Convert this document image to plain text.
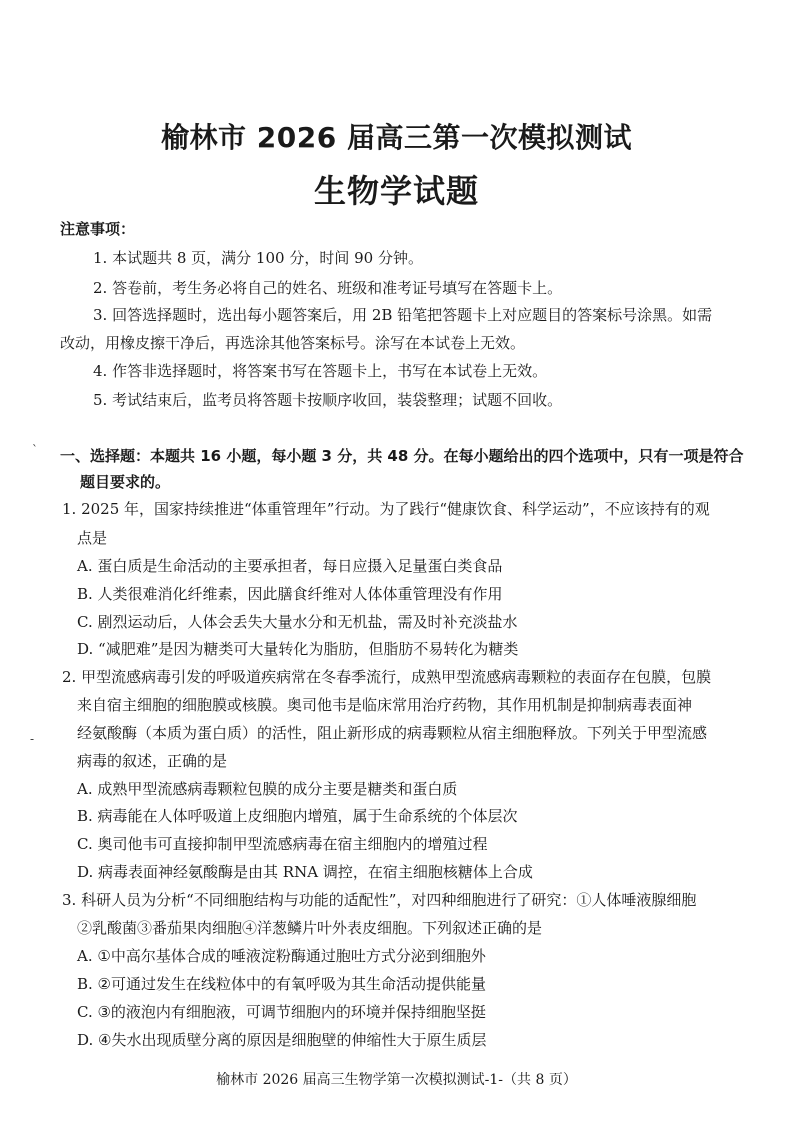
榆林市 2026 届高三第一次模拟测试
生物学试题
注意事项：
1. 本试题共 8 页，满分 100 分，时间 90 分钟。
2. 答卷前，考生务必将自己的姓名、班级和准考证号填写在答题卡上。
3. 回答选择题时，选出每小题答案后，用 2B 铅笔把答题卡上对应题目的答案标号涂黑。如需
改动，用橡皮擦干净后，再选涂其他答案标号。涂写在本试卷上无效。
4. 作答非选择题时，将答案书写在答题卡上，书写在本试卷上无效。
5. 考试结束后，监考员将答题卡按顺序收回，装袋整理；试题不回收。
一、选择题：本题共 16 小题，每小题 3 分，共 48 分。在每小题给出的四个选项中，只有一项是符合
题目要求的。
1. 2025 年，国家持续推进“体重管理年”行动。为了践行“健康饮食、科学运动”，不应该持有的观
点是
A. 蛋白质是生命活动的主要承担者，每日应摄入足量蛋白类食品
B. 人类很难消化纤维素，因此膳食纤维对人体体重管理没有作用
C. 剧烈运动后，人体会丢失大量水分和无机盐，需及时补充淡盐水
D. “减肥难”是因为糖类可大量转化为脂肪，但脂肪不易转化为糖类
2. 甲型流感病毒引发的呼吸道疾病常在冬春季流行，成熟甲型流感病毒颗粒的表面存在包膜，包膜
来自宿主细胞的细胞膜或核膜。奥司他韦是临床常用治疗药物，其作用机制是抑制病毒表面神
经氨酸酶（本质为蛋白质）的活性，阻止新形成的病毒颗粒从宿主细胞释放。下列关于甲型流感
病毒的叙述，正确的是
A. 成熟甲型流感病毒颗粒包膜的成分主要是糖类和蛋白质
B. 病毒能在人体呼吸道上皮细胞内增殖，属于生命系统的个体层次
C. 奥司他韦可直接抑制甲型流感病毒在宿主细胞内的增殖过程
D. 病毒表面神经氨酸酶是由其 RNA 调控，在宿主细胞核糖体上合成
3. 科研人员为分析“不同细胞结构与功能的适配性”，对四种细胞进行了研究：①人体唾液腺细胞
②乳酸菌③番茄果肉细胞④洋葱鳞片叶外表皮细胞。下列叙述正确的是
A. ①中高尔基体合成的唾液淀粉酶通过胞吐方式分泌到细胞外
B. ②可通过发生在线粒体中的有氧呼吸为其生命活动提供能量
C. ③的液泡内有细胞液，可调节细胞内的环境并保持细胞坚挺
D. ④失水出现质壁分离的原因是细胞壁的伸缩性大于原生质层
榆林市 2026 届高三生物学第一次模拟测试-1-（共 8 页）
`
-
